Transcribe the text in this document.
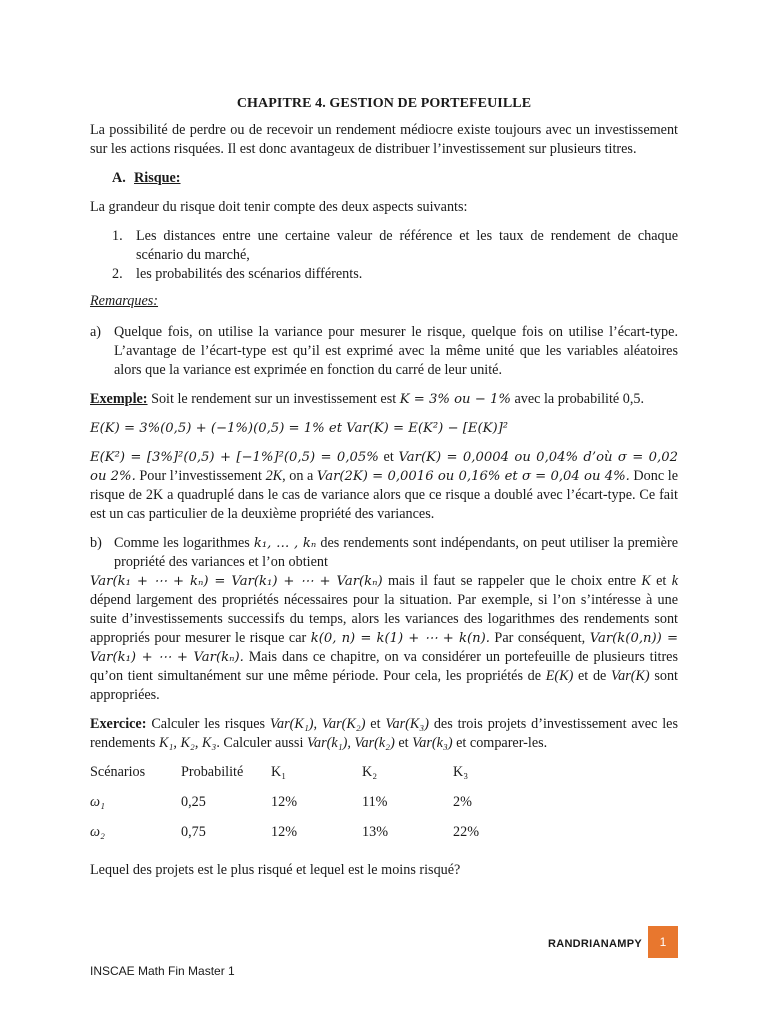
CHAPITRE 4. GESTION DE PORTEFEUILLE

La possibilité de perdre ou de recevoir un rendement médiocre existe toujours avec un investissement sur les actions risquées. Il est donc avantageux de distribuer l’investissement sur plusieurs titres.

A. Risque:

La grandeur du risque doit tenir compte des deux aspects suivants:

1. Les distances entre une certaine valeur de référence et les taux de rendement de chaque scénario du marché,
2. les probabilités des scénarios différents.
Remarques:
a) Quelque fois, on utilise la variance pour mesurer le risque, quelque fois on utilise l’écart-type. L’avantage de l’écart-type est qu’il est exprimé avec la même unité que les variables aléatoires alors que la variance est exprimée en fonction du carré de leur unité.

Exemple: Soit le rendement sur un investissement est K = 3% ou − 1% avec la probabilité 0,5.

E(K) = 3%(0,5) + (−1%)(0,5) = 1% et Var(K) = E(K²) − [E(K)]²

E(K²) = [3%]²(0,5) + [−1%]²(0,5) = 0,05% et Var(K) = 0,0004 ou 0,04% d’où σ = 0,02 ou 2%. Pour l’investissement 2K, on a Var(2K) = 0,0016 ou 0,16% et σ = 0,04 ou 4%. Donc le risque de 2K a quadruplé dans le cas de variance alors que ce risque a doublé avec l’écart-type. Ce fait est un cas particulier de la deuxième propriété des variances.

b) Comme les logarithmes k₁, … , kₙ des rendements sont indépendants, on peut utiliser la première propriété des variances et l’on obtient

Var(k₁ + ⋯ + kₙ) = Var(k₁) + ⋯ + Var(kₙ) mais il faut se rappeler que le choix entre K et k dépend largement des propriétés nécessaires pour la situation. Par exemple, si l’on s’intéresse à une suite d’investissements successifs du temps, alors les variances des logarithmes des rendements sont appropriés pour mesurer le risque car k(0, n) = k(1) + ⋯ + k(n). Par conséquent, Var(k(0,n)) = Var(k₁) + ⋯ + Var(kₙ). Mais dans ce chapitre, on va considérer un portefeuille de plusieurs titres qu’on tient simultanément sur une même période. Pour cela, les propriétés de E(K) et de Var(K) sont appropriées.

Exercice: Calculer les risques Var(K₁), Var(K₂) et Var(K₃) des trois projets d’investissement avec les rendements K₁, K₂, K₃. Calculer aussi Var(k₁), Var(k₂) et Var(k₃) et comparer-les.

Scénarios	Probabilité	K₁	K₂	K₃
ω₁	0,25	12%	11%	2%
ω₂	0,75	12%	13%	22%

Lequel des projets est le plus risqué et lequel est le moins risqué?

RANDRIANAMPY	1
INSCAE Math Fin Master 1
